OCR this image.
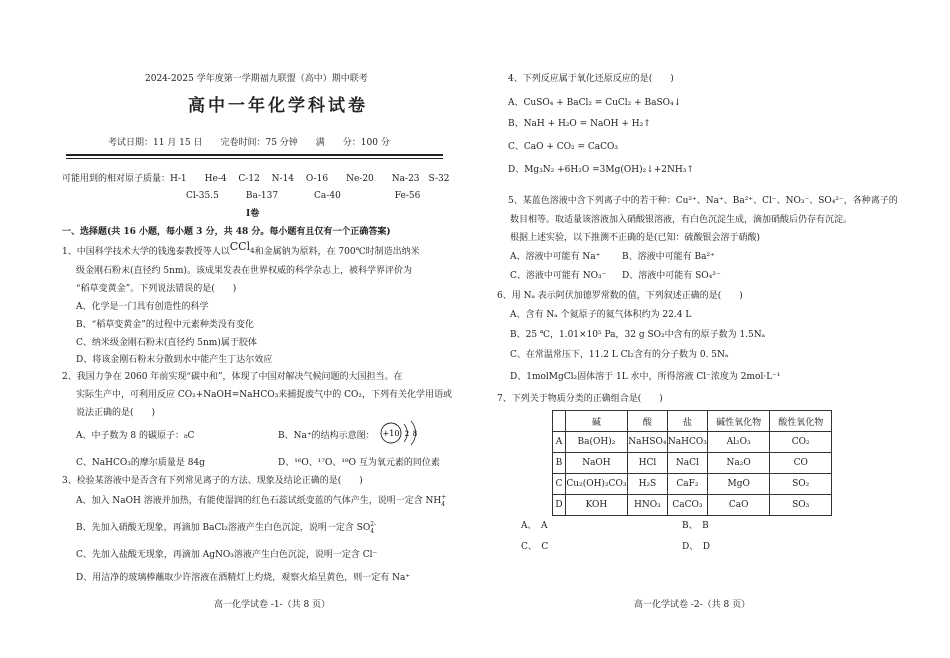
2024-2025 学年度第一学期福九联盟（高中）期中联考
高中一年化学科试卷
考试日期：11 月 15 日　　完卷时间：75 分钟　　满　　分：100 分
可能用到的相对原子质量：H-1　　He-4　 C-12　 N-14　 O-16　　Ne-20　　Na-23　S-32
Cl-35.5　　　Ba-137　　　　Ca-40　　　　　　Fe-56
Ⅰ卷
一、选择题(共 16 小题，每小题 3 分，共 48 分。每小题有且仅有一个正确答案)
1、中国科学技术大学的钱逸泰教授等人以CCl$_4$和金属钠为原料，在 700℃时制造出纳米
级金刚石粉末(直径约 5nm)。该成果发表在世界权威的科学杂志上，被科学界评价为
“稻草变黄金”。下列说法错误的是(　　)
A、化学是一门具有创造性的科学
B、“稻草变黄金”的过程中元素种类没有变化
C、纳米级金刚石粉末(直径约 5nm)属于胶体
D、将该金刚石粉末分散到水中能产生丁达尔效应
2、我国力争在 2060 年前实现“碳中和”，体现了中国对解决气候问题的大国担当。在
实际生产中，可利用反应 CO₂+NaOH=NaHCO₃来捕捉废气中的 CO₂，下列有关化学用语或
说法正确的是(　　)
A、中子数为 8 的碳原子：₈C	B、Na⁺的结构示意图： +10 2 8
C、NaHCO₃的摩尔质量是 84g	D、¹⁶O、¹⁷O、¹⁸O 互为氧元素的同位素
3、检验某溶液中是否含有下列常见离子的方法、现象及结论正确的是(　　)
A、加入 NaOH 溶液并加热，有能使湿润的红色石蕊试纸变蓝的气体产生，说明一定含 NH+
4
B、先加入硝酸无现象，再滴加 BaCl₂溶液产生白色沉淀，说明一定含 SO2-
4
C、先加入盐酸无现象，再滴加 AgNO₃溶液产生白色沉淀，说明一定含 Cl⁻
D、用洁净的玻璃棒蘸取少许溶液在酒精灯上灼烧，观察火焰呈黄色，则一定有 Na⁺
高一化学试卷 -1-（共 8 页）
4、下列反应属于氧化还原反应的是(　　)
A、CuSO₄ + BaCl₂ = CuCl₂ + BaSO₄↓
B、NaH + H₂O = NaOH + H₂↑
C、CaO + CO₂ = CaCO₃
D、Mg₃N₂ +6H₂O =3Mg(OH)₂↓+2NH₃↑
5、某蓝色溶液中含下列离子中的若干种：Cu²⁺、Na⁺、Ba²⁺、Cl⁻、NO₃⁻、SO₄²⁻，各种离子的
数目相等。取适量该溶液加入硝酸银溶液，有白色沉淀生成，滴加硝酸后仍存有沉淀。
根据上述实验，以下推测不正确的是(已知：硫酸银会溶于硝酸)
A、溶液中可能有 Na⁺ B、溶液中可能有 Ba²⁺
C、溶液中可能有 NO₃⁻ D、溶液中可能有 SO₄²⁻
6、用 Nₐ 表示阿伏加德罗常数的值，下列叙述正确的是(　　)
A、含有 Nₐ 个氦原子的氦气体积约为 22.4 L
B、25 ℃，1.01×10⁵ Pa，32 g SO₂中含有的原子数为 1.5Nₐ
C、在常温常压下，11.2 L Cl₂含有的分子数为 0. 5Nₐ
D、1molMgCl₂固体溶于 1L 水中，所得溶液 Cl⁻浓度为 2mol·L⁻¹
7、下列关于物质分类的正确组合是(　　)
	碱	酸	盐	碱性氧化物	酸性氧化物
A	Ba(OH)₂	NaHSO₄	NaHCO₃	Al₂O₃	CO₂
B	NaOH	HCl	NaCl	Na₂O	CO
C	Cu₂(OH)₂CO₃	H₂S	CaF₂	MgO	SO₂
D	KOH	HNO₃	CaCO₃	CaO	SO₃
A、　A	B、　B
C、　C	D、　D
高一化学试卷 -2-（共 8 页）
